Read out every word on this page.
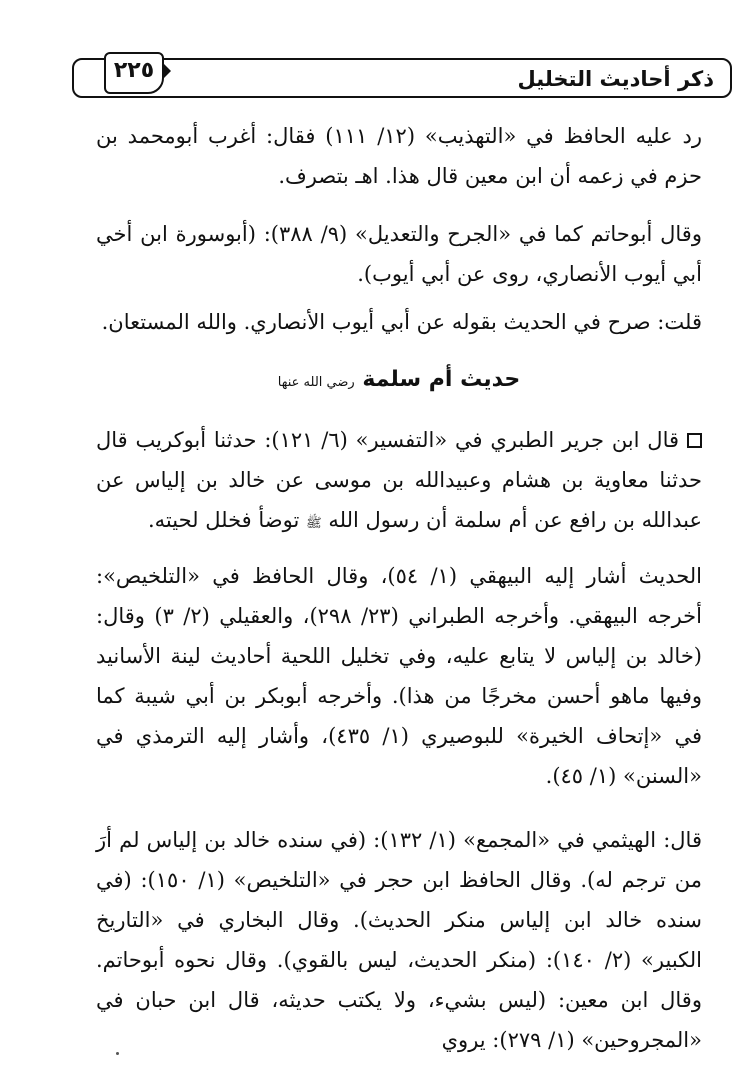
ذكر أحاديث التخليل
٢٢٥

رد عليه الحافظ في «التهذيب» (١٢/ ١١١) فقال: أغرب أبومحمد بن حزم في زعمه أن ابن معين قال هذا. اهـ بتصرف.

وقال أبوحاتم كما في «الجرح والتعديل» (٩/ ٣٨٨): (أبوسورة ابن أخي أبي أيوب الأنصاري، روى عن أبي أيوب).

قلت: صرح في الحديث بقوله عن أبي أيوب الأنصاري. والله المستعان.

حديث أم سلمة رضي الله عنها

قال ابن جرير الطبري في «التفسير» (٦/ ١٢١): حدثنا أبوكريب قال حدثنا معاوية بن هشام وعبيدالله بن موسى عن خالد بن إلياس عن عبدالله بن رافع عن أم سلمة أن رسول الله ﷺ توضأ فخلل لحيته.

الحديث أشار إليه البيهقي (١/ ٥٤)، وقال الحافظ في «التلخيص»: أخرجه البيهقي. وأخرجه الطبراني (٢٣/ ٢٩٨)، والعقيلي (٢/ ٣) وقال: (خالد بن إلياس لا يتابع عليه، وفي تخليل اللحية أحاديث لينة الأسانيد وفيها ماهو أحسن مخرجًا من هذا). وأخرجه أبوبكر بن أبي شيبة كما في «إتحاف الخيرة» للبوصيري (١/ ٤٣٥)، وأشار إليه الترمذي في «السنن» (١/ ٤٥).

قال: الهيثمي في «المجمع» (١/ ١٣٢): (في سنده خالد بن إلياس لم أرَ من ترجم له). وقال الحافظ ابن حجر في «التلخيص» (١/ ١٥٠): (في سنده خالد ابن إلياس منكر الحديث). وقال البخاري في «التاريخ الكبير» (٢/ ١٤٠): (منكر الحديث، ليس بالقوي). وقال نحوه أبوحاتم. وقال ابن معين: (ليس بشيء، ولا يكتب حديثه، قال ابن حبان في «المجروحين» (١/ ٢٧٩): يروي
